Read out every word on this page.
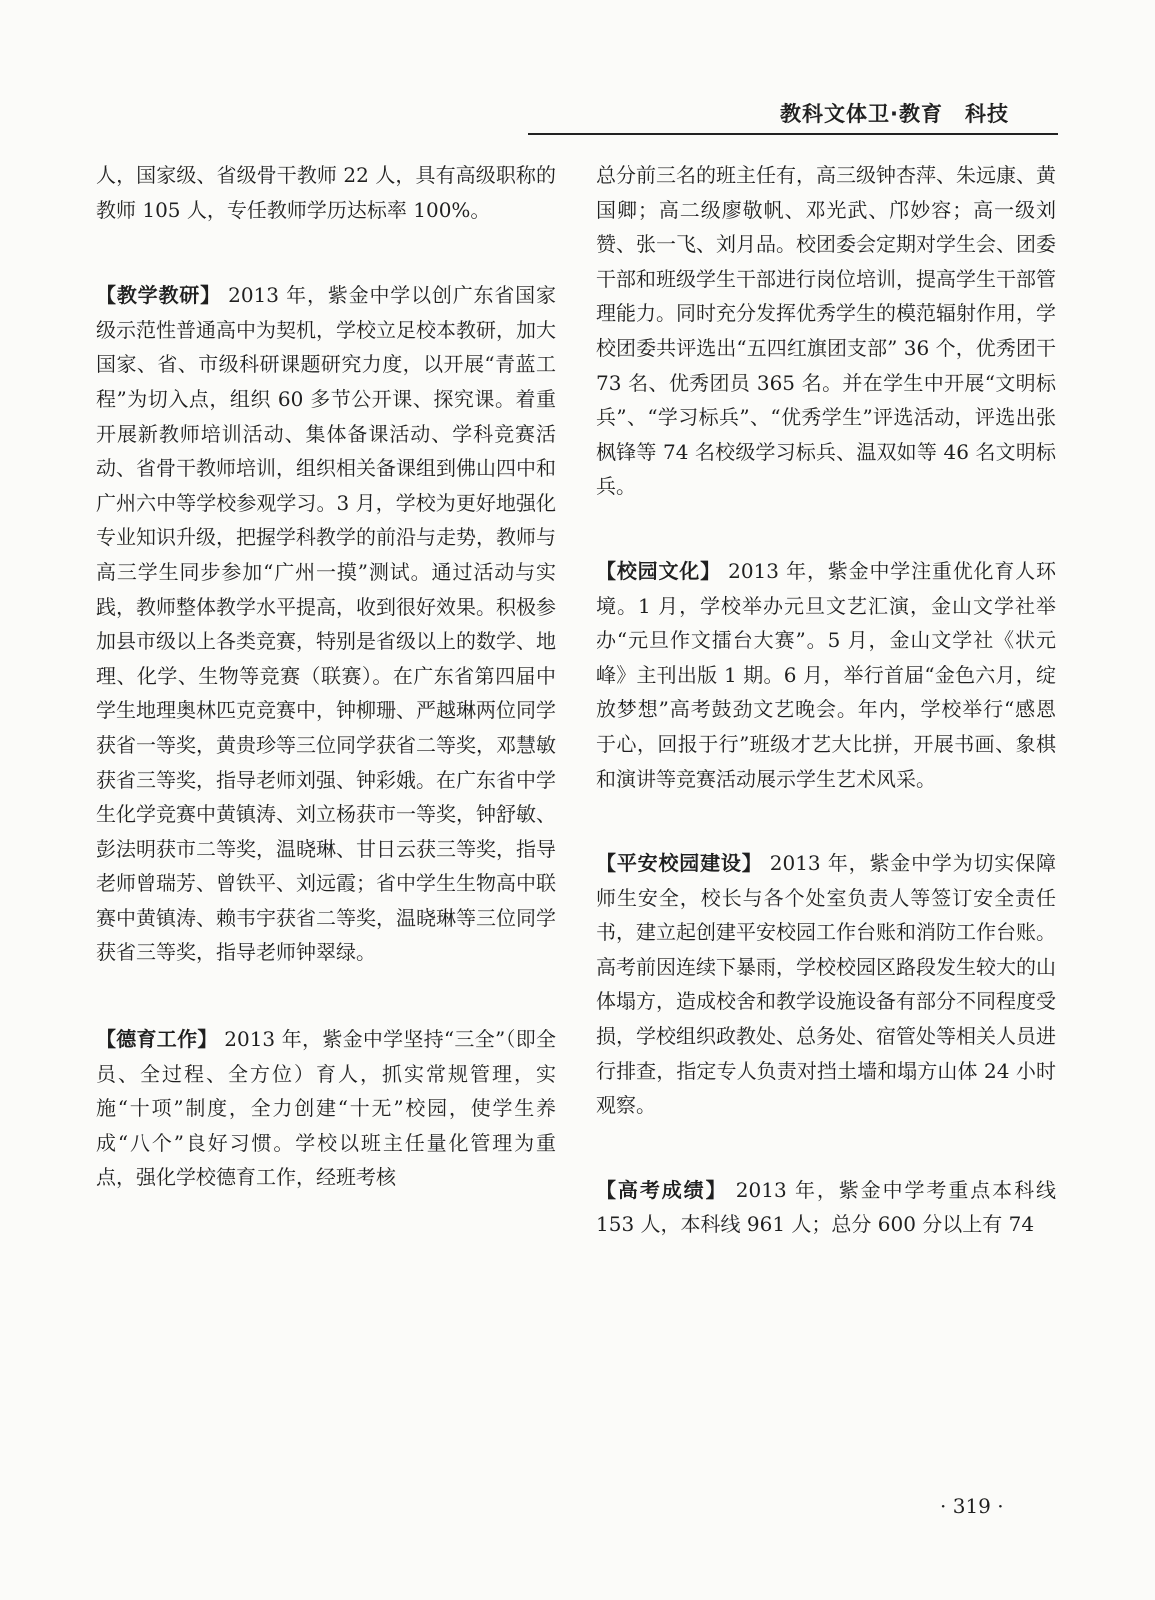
教科文体卫·教育　科技

人，国家级、省级骨干教师 22 人，具有高级职称的教师 105 人，专任教师学历达标率 100%。

【教学教研】 2013 年，紫金中学以创广东省国家级示范性普通高中为契机，学校立足校本教研，加大国家、省、市级科研课题研究力度，以开展“青蓝工程”为切入点，组织 60 多节公开课、探究课。着重开展新教师培训活动、集体备课活动、学科竞赛活动、省骨干教师培训，组织相关备课组到佛山四中和广州六中等学校参观学习。3 月，学校为更好地强化专业知识升级，把握学科教学的前沿与走势，教师与高三学生同步参加“广州一摸”测试。通过活动与实践，教师整体教学水平提高，收到很好效果。积极参加县市级以上各类竞赛，特别是省级以上的数学、地理、化学、生物等竞赛（联赛）。在广东省第四届中学生地理奥林匹克竞赛中，钟柳珊、严越琳两位同学获省一等奖，黄贵珍等三位同学获省二等奖，邓慧敏获省三等奖，指导老师刘强、钟彩娥。在广东省中学生化学竞赛中黄镇涛、刘立杨获市一等奖，钟舒敏、彭法明获市二等奖，温晓琳、甘日云获三等奖，指导老师曾瑞芳、曾铁平、刘远霞；省中学生生物高中联赛中黄镇涛、赖韦宇获省二等奖，温晓琳等三位同学获省三等奖，指导老师钟翠绿。

【德育工作】 2013 年，紫金中学坚持“三全”（即全员、全过程、全方位）育人，抓实常规管理，实施“十项”制度，全力创建“十无”校园，使学生养成“八个”良好习惯。学校以班主任量化管理为重点，强化学校德育工作，经班考核

总分前三名的班主任有，高三级钟杏萍、朱远康、黄国卿；高二级廖敬帆、邓光武、邝妙容；高一级刘赞、张一飞、刘月品。校团委会定期对学生会、团委干部和班级学生干部进行岗位培训，提高学生干部管理能力。同时充分发挥优秀学生的模范辐射作用，学校团委共评选出“五四红旗团支部” 36 个，优秀团干 73 名、优秀团员 365 名。并在学生中开展“文明标兵”、“学习标兵”、“优秀学生”评选活动，评选出张枫锋等 74 名校级学习标兵、温双如等 46 名文明标兵。

【校园文化】 2013 年，紫金中学注重优化育人环境。1 月，学校举办元旦文艺汇演，金山文学社举办“元旦作文擂台大赛”。5 月，金山文学社《状元峰》主刊出版 1 期。6 月，举行首届“金色六月，绽放梦想”高考鼓劲文艺晚会。年内，学校举行“感恩于心，回报于行”班级才艺大比拼，开展书画、象棋和演讲等竞赛活动展示学生艺术风采。

【平安校园建设】 2013 年，紫金中学为切实保障师生安全，校长与各个处室负责人等签订安全责任书，建立起创建平安校园工作台账和消防工作台账。高考前因连续下暴雨，学校校园区路段发生较大的山体塌方，造成校舍和教学设施设备有部分不同程度受损，学校组织政教处、总务处、宿管处等相关人员进行排查，指定专人负责对挡土墙和塌方山体 24 小时观察。

【高考成绩】 2013 年，紫金中学考重点本科线 153 人，本科线 961 人；总分 600 分以上有 74

· 319 ·
